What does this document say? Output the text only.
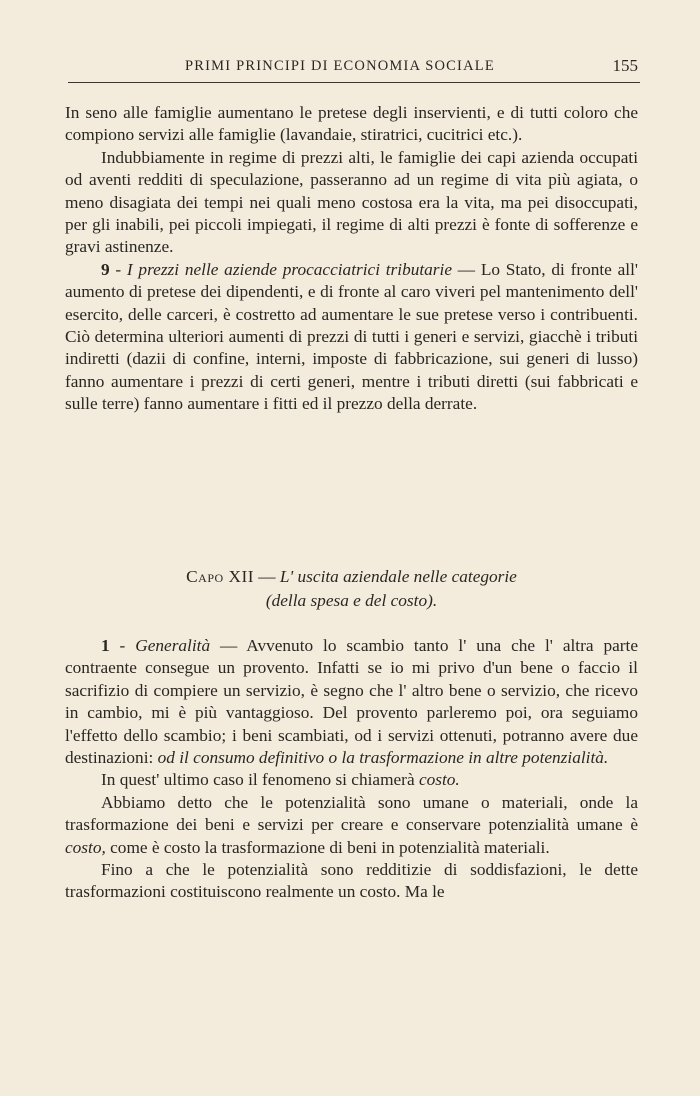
PRIMI PRINCIPI DI ECONOMIA SOCIALE	155

In seno alle famiglie aumentano le pretese degli inservienti, e di tutti coloro che compiono servizi alle famiglie (lavandaie, stiratrici, cucitrici etc.).

Indubbiamente in regime di prezzi alti, le famiglie dei capi azienda occupati od aventi redditi di speculazione, passeranno ad un regime di vita più agiata, o meno disagiata dei tempi nei quali meno costosa era la vita, ma pei disoccupati, per gli inabili, pei piccoli impiegati, il regime di alti prezzi è fonte di sofferenze e gravi astinenze.

9 - I prezzi nelle aziende procacciatrici tributarie — Lo Stato, di fronte all' aumento di pretese dei dipendenti, e di fronte al caro viveri pel mantenimento dell' esercito, delle carceri, è costretto ad aumentare le sue pretese verso i contribuenti. Ciò determina ulteriori aumenti di prezzi di tutti i generi e servizi, giacchè i tributi indiretti (dazii di confine, interni, imposte di fabbricazione, sui generi di lusso) fanno aumentare i prezzi di certi generi, mentre i tributi diretti (sui fabbricati e sulle terre) fanno aumentare i fitti ed il prezzo della derrate.

Capo XII — L' uscita aziendale nelle categorie
(della spesa e del costo).

1 - Generalità — Avvenuto lo scambio tanto l' una che l' altra parte contraente consegue un provento. Infatti se io mi privo d'un bene o faccio il sacrifizio di compiere un servizio, è segno che l' altro bene o servizio, che ricevo in cambio, mi è più vantaggioso. Del provento parleremo poi, ora seguiamo l'effetto dello scambio; i beni scambiati, od i servizi ottenuti, potranno avere due destinazioni: od il consumo definitivo o la trasformazione in altre potenzialità.

In quest' ultimo caso il fenomeno si chiamerà costo.

Abbiamo detto che le potenzialità sono umane o materiali, onde la trasformazione dei beni e servizi per creare e conservare potenzialità umane è costo, come è costo la trasformazione di beni in potenzialità materiali.

Fino a che le potenzialità sono redditizie di soddisfazioni, le dette trasformazioni costituiscono realmente un costo. Ma le
